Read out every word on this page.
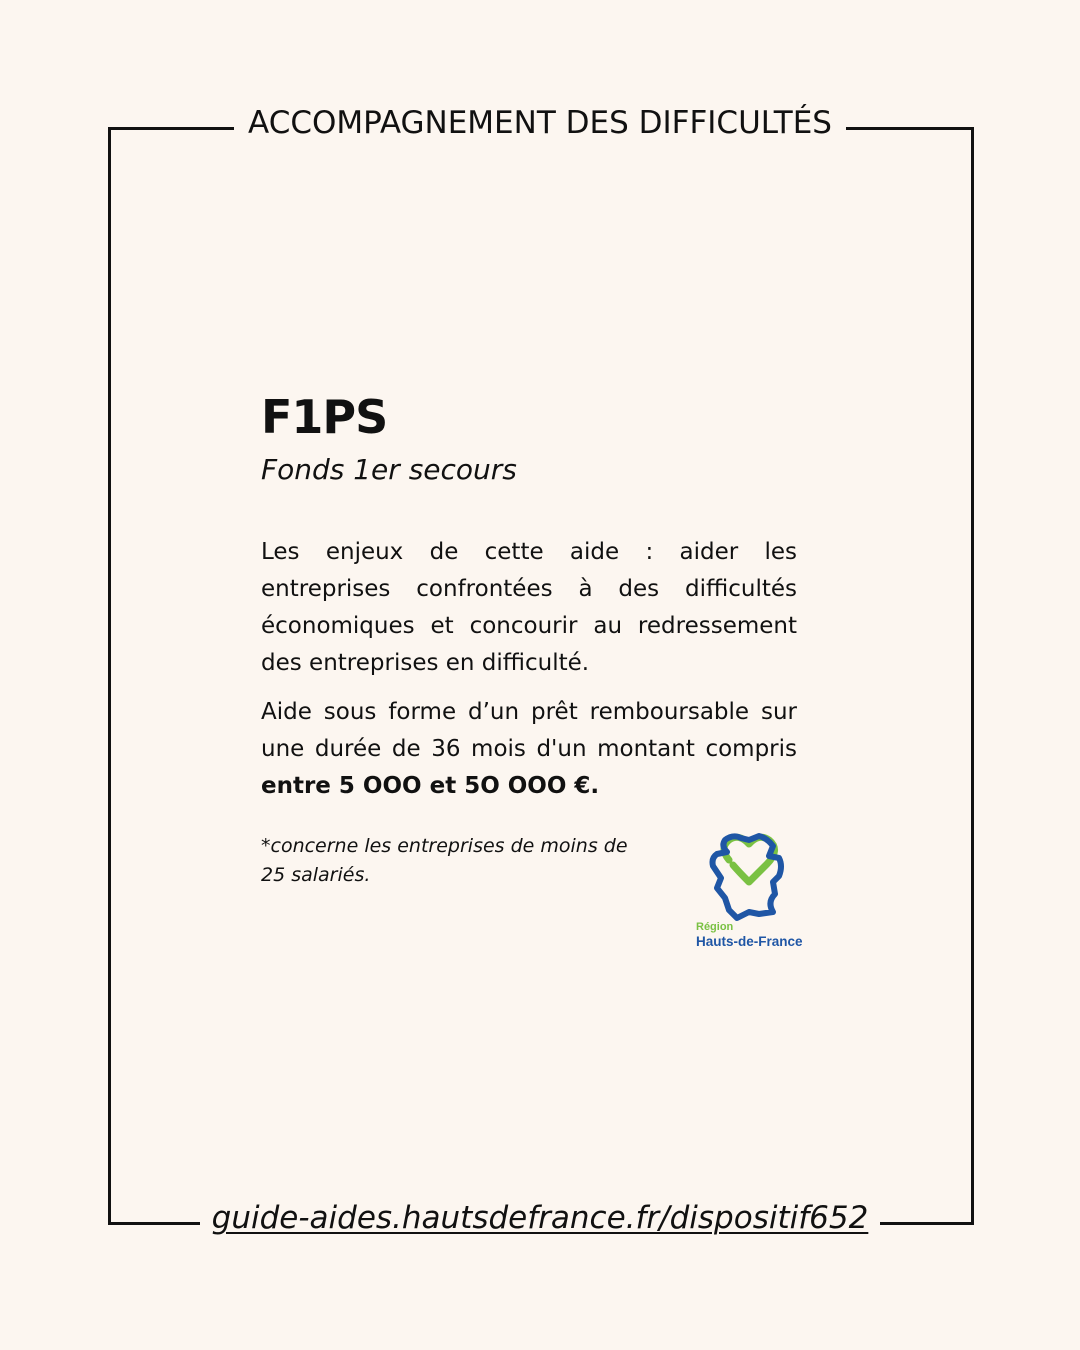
ACCOMPAGNEMENT DES DIFFICULTÉS
F1PS

Fonds 1er secours

Les enjeux de cette aide : aider les entreprises confrontées à des difficultés économiques et concourir au redressement des entreprises en difficulté.

Aide sous forme d’un prêt remboursable sur une durée de 36 mois d'un montant compris entre 5 OOO et 5O OOO €.

*concerne les entreprises de moins de 25 salariés.

Région
Hauts-de-France
guide-aides.hautsdefrance.fr/dispositif652
